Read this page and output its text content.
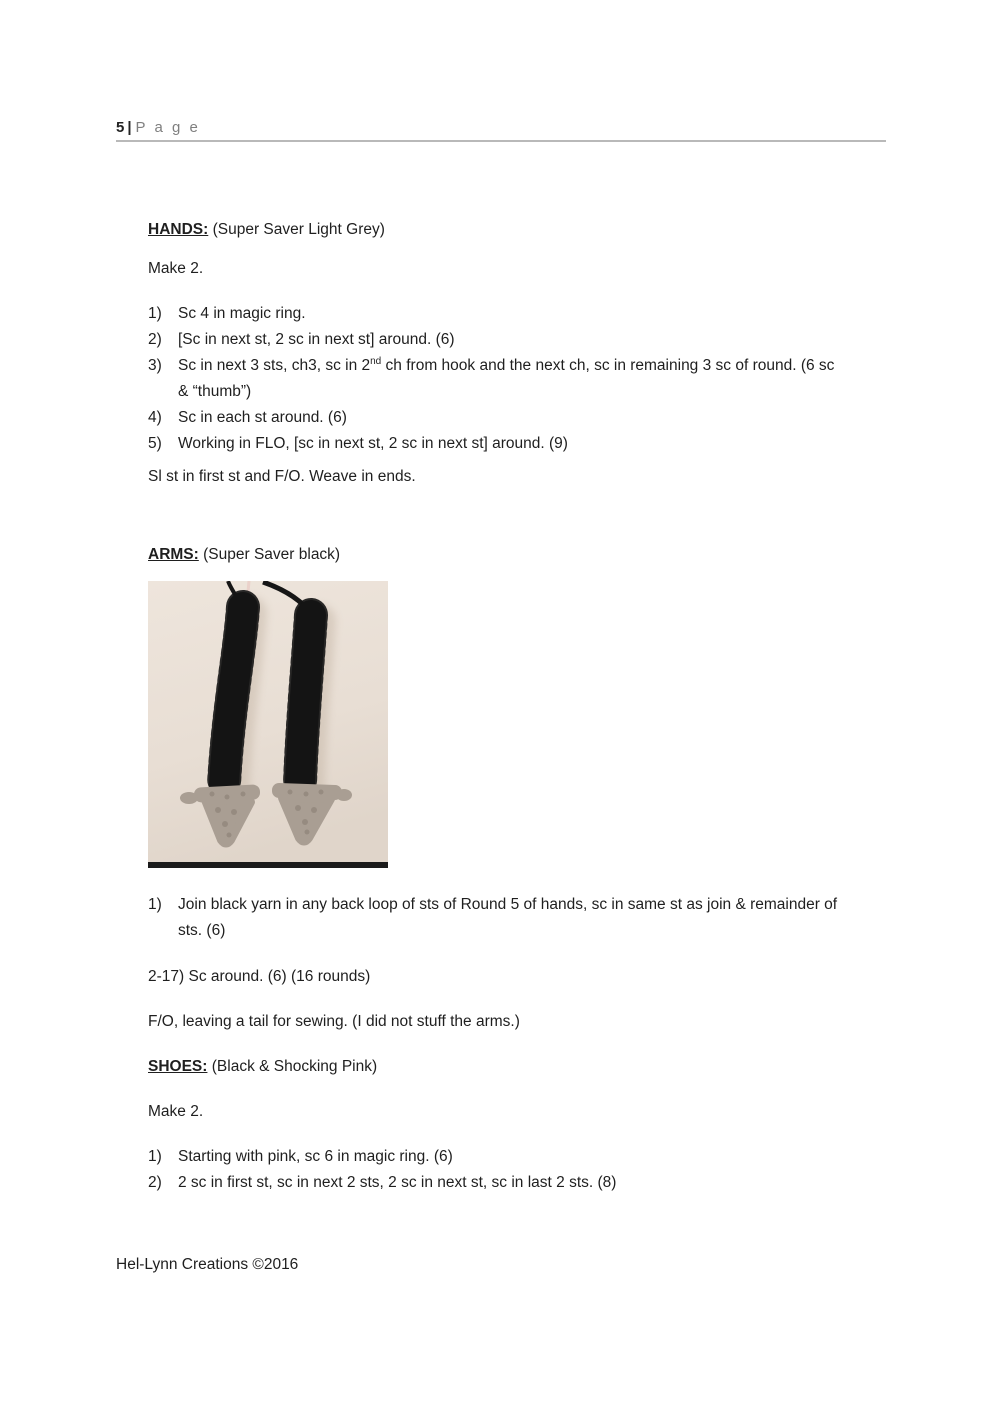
5 | P a g e
HANDS: (Super Saver Light Grey)
Make 2.
1)	Sc 4 in magic ring.
2)	[Sc in next st, 2 sc in next st] around. (6)
3)	Sc in next 3 sts, ch3, sc in 2nd ch from hook and the next ch, sc in remaining 3 sc of round. (6 sc & “thumb”)
4)	Sc in each st around. (6)
5)	Working in FLO, [sc in next st, 2 sc in next st] around. (9)
Sl st in first st and F/O. Weave in ends.
ARMS: (Super Saver black)
1)	Join black yarn in any back loop of sts of Round 5 of hands, sc in same st as join & remainder of sts. (6)
2-17) Sc around. (6) (16 rounds)
F/O, leaving a tail for sewing. (I did not stuff the arms.)
SHOES: (Black & Shocking Pink)
Make 2.
1)	Starting with pink, sc 6 in magic ring. (6)
2)	2 sc in first st, sc in next 2 sts, 2 sc in next st, sc in last 2 sts. (8)
Hel-Lynn Creations ©2016
